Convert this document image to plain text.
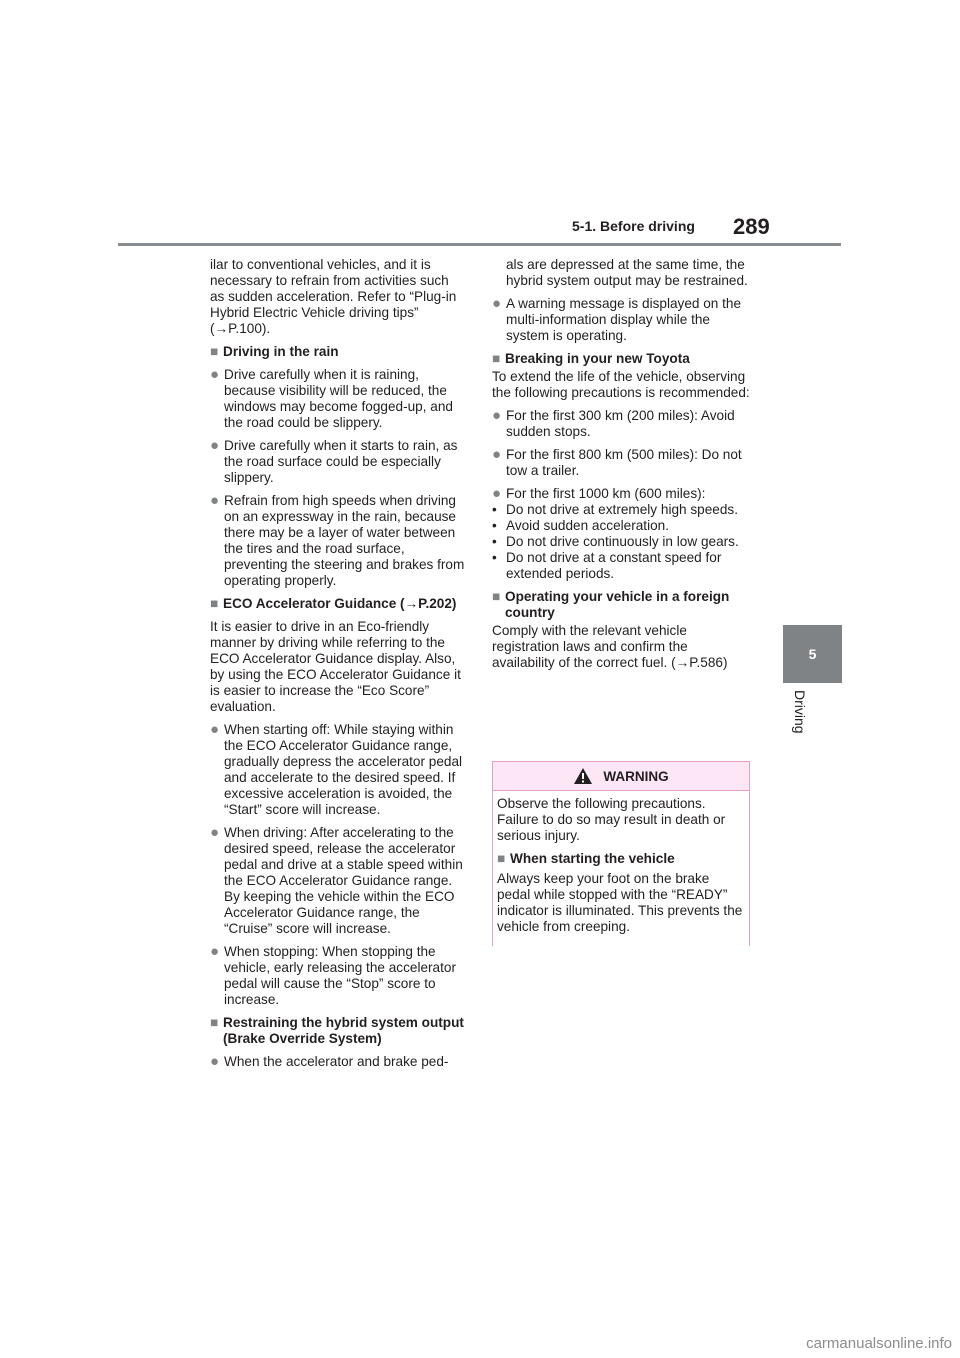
5-1. Before driving 289
5
Driving

ilar to conventional vehicles, and it is necessary to refrain from activities such as sudden acceleration. Refer to “Plug-in Hybrid Electric Vehicle driving tips” (→P.100).

■ Driving in the rain
● Drive carefully when it is raining, because visibility will be reduced, the windows may become fogged-up, and the road could be slippery.
● Drive carefully when it starts to rain, as the road surface could be especially slippery.
● Refrain from high speeds when driving on an expressway in the rain, because there may be a layer of water between the tires and the road surface, preventing the steering and brakes from operating properly.
■ ECO Accelerator Guidance (→P.202)

It is easier to drive in an Eco-friendly manner by driving while referring to the ECO Accelerator Guidance display. Also, by using the ECO Accelerator Guidance it is easier to increase the “Eco Score” evaluation.

● When starting off: While staying within the ECO Accelerator Guidance range, gradually depress the accelerator pedal and accelerate to the desired speed. If excessive acceleration is avoided, the “Start” score will increase.
● When driving: After accelerating to the desired speed, release the accelerator pedal and drive at a stable speed within the ECO Accelerator Guidance range. By keeping the vehicle within the ECO Accelerator Guidance range, the “Cruise” score will increase.
● When stopping: When stopping the vehicle, early releasing the accelerator pedal will cause the “Stop” score to increase.
■ Restraining the hybrid system output (Brake Override System)
● When the accelerator and brake ped-

als are depressed at the same time, the hybrid system output may be restrained.

● A warning message is displayed on the multi-information display while the system is operating.
■ Breaking in your new Toyota

To extend the life of the vehicle, observing the following precautions is recommended:

● For the first 300 km (200 miles): Avoid sudden stops.
● For the first 800 km (500 miles): Do not tow a trailer.
● For the first 1000 km (600 miles):
• Do not drive at extremely high speeds.
• Avoid sudden acceleration.
• Do not drive continuously in low gears.
• Do not drive at a constant speed for extended periods.
■ Operating your vehicle in a foreign country

Comply with the relevant vehicle registration laws and confirm the availability of the correct fuel. (→P.586)

WARNING

Observe the following precautions. Failure to do so may result in death or serious injury.

■ When starting the vehicle

Always keep your foot on the brake pedal while stopped with the “READY” indicator is illuminated. This prevents the vehicle from creeping.

carmanualsonline.info
